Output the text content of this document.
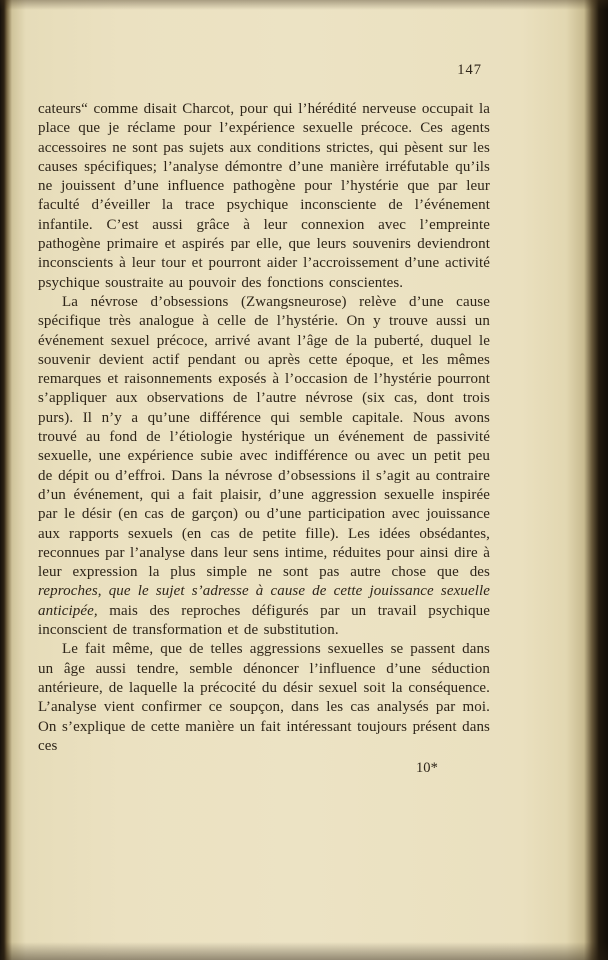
147

cateurs“ comme disait Charcot, pour qui l’hérédité nerveuse occupait la place que je réclame pour l’expérience sexuelle précoce. Ces agents accessoires ne sont pas sujets aux conditions strictes, qui pèsent sur les causes spécifiques; l’analyse démontre d’une manière irréfutable qu’ils ne jouissent d’une influence pathogène pour l’hystérie que par leur faculté d’éveiller la trace psychique inconsciente de l’événement infantile. C’est aussi grâce à leur connexion avec l’empreinte pathogène primaire et aspirés par elle, que leurs souvenirs deviendront inconscients à leur tour et pourront aider l’accroissement d’une activité psychique soustraite au pouvoir des fonctions conscientes.

La névrose d’obsessions (Zwangsneurose) relève d’une cause spécifique très analogue à celle de l’hystérie. On y trouve aussi un événement sexuel précoce, arrivé avant l’âge de la puberté, duquel le souvenir devient actif pendant ou après cette époque, et les mêmes remarques et raisonnements exposés à l’occasion de l’hystérie pourront s’appliquer aux observations de l’autre névrose (six cas, dont trois purs). Il n’y a qu’une différence qui semble capitale. Nous avons trouvé au fond de l’étiologie hystérique un événement de passivité sexuelle, une expérience subie avec indifférence ou avec un petit peu de dépit ou d’effroi. Dans la névrose d’obsessions il s’agit au contraire d’un événement, qui a fait plaisir, d’une aggression sexuelle inspirée par le désir (en cas de garçon) ou d’une participation avec jouissance aux rapports sexuels (en cas de petite fille). Les idées obsédantes, reconnues par l’analyse dans leur sens intime, réduites pour ainsi dire à leur expression la plus simple ne sont pas autre chose que des reproches, que le sujet s’adresse à cause de cette jouissance sexuelle anticipée, mais des reproches défigurés par un travail psychique inconscient de transformation et de substitution.

Le fait même, que de telles aggressions sexuelles se passent dans un âge aussi tendre, semble dénoncer l’influence d’une séduction antérieure, de laquelle la précocité du désir sexuel soit la conséquence. L’analyse vient confirmer ce soupçon, dans les cas analysés par moi. On s’explique de cette manière un fait intéressant toujours présent dans ces

10*
